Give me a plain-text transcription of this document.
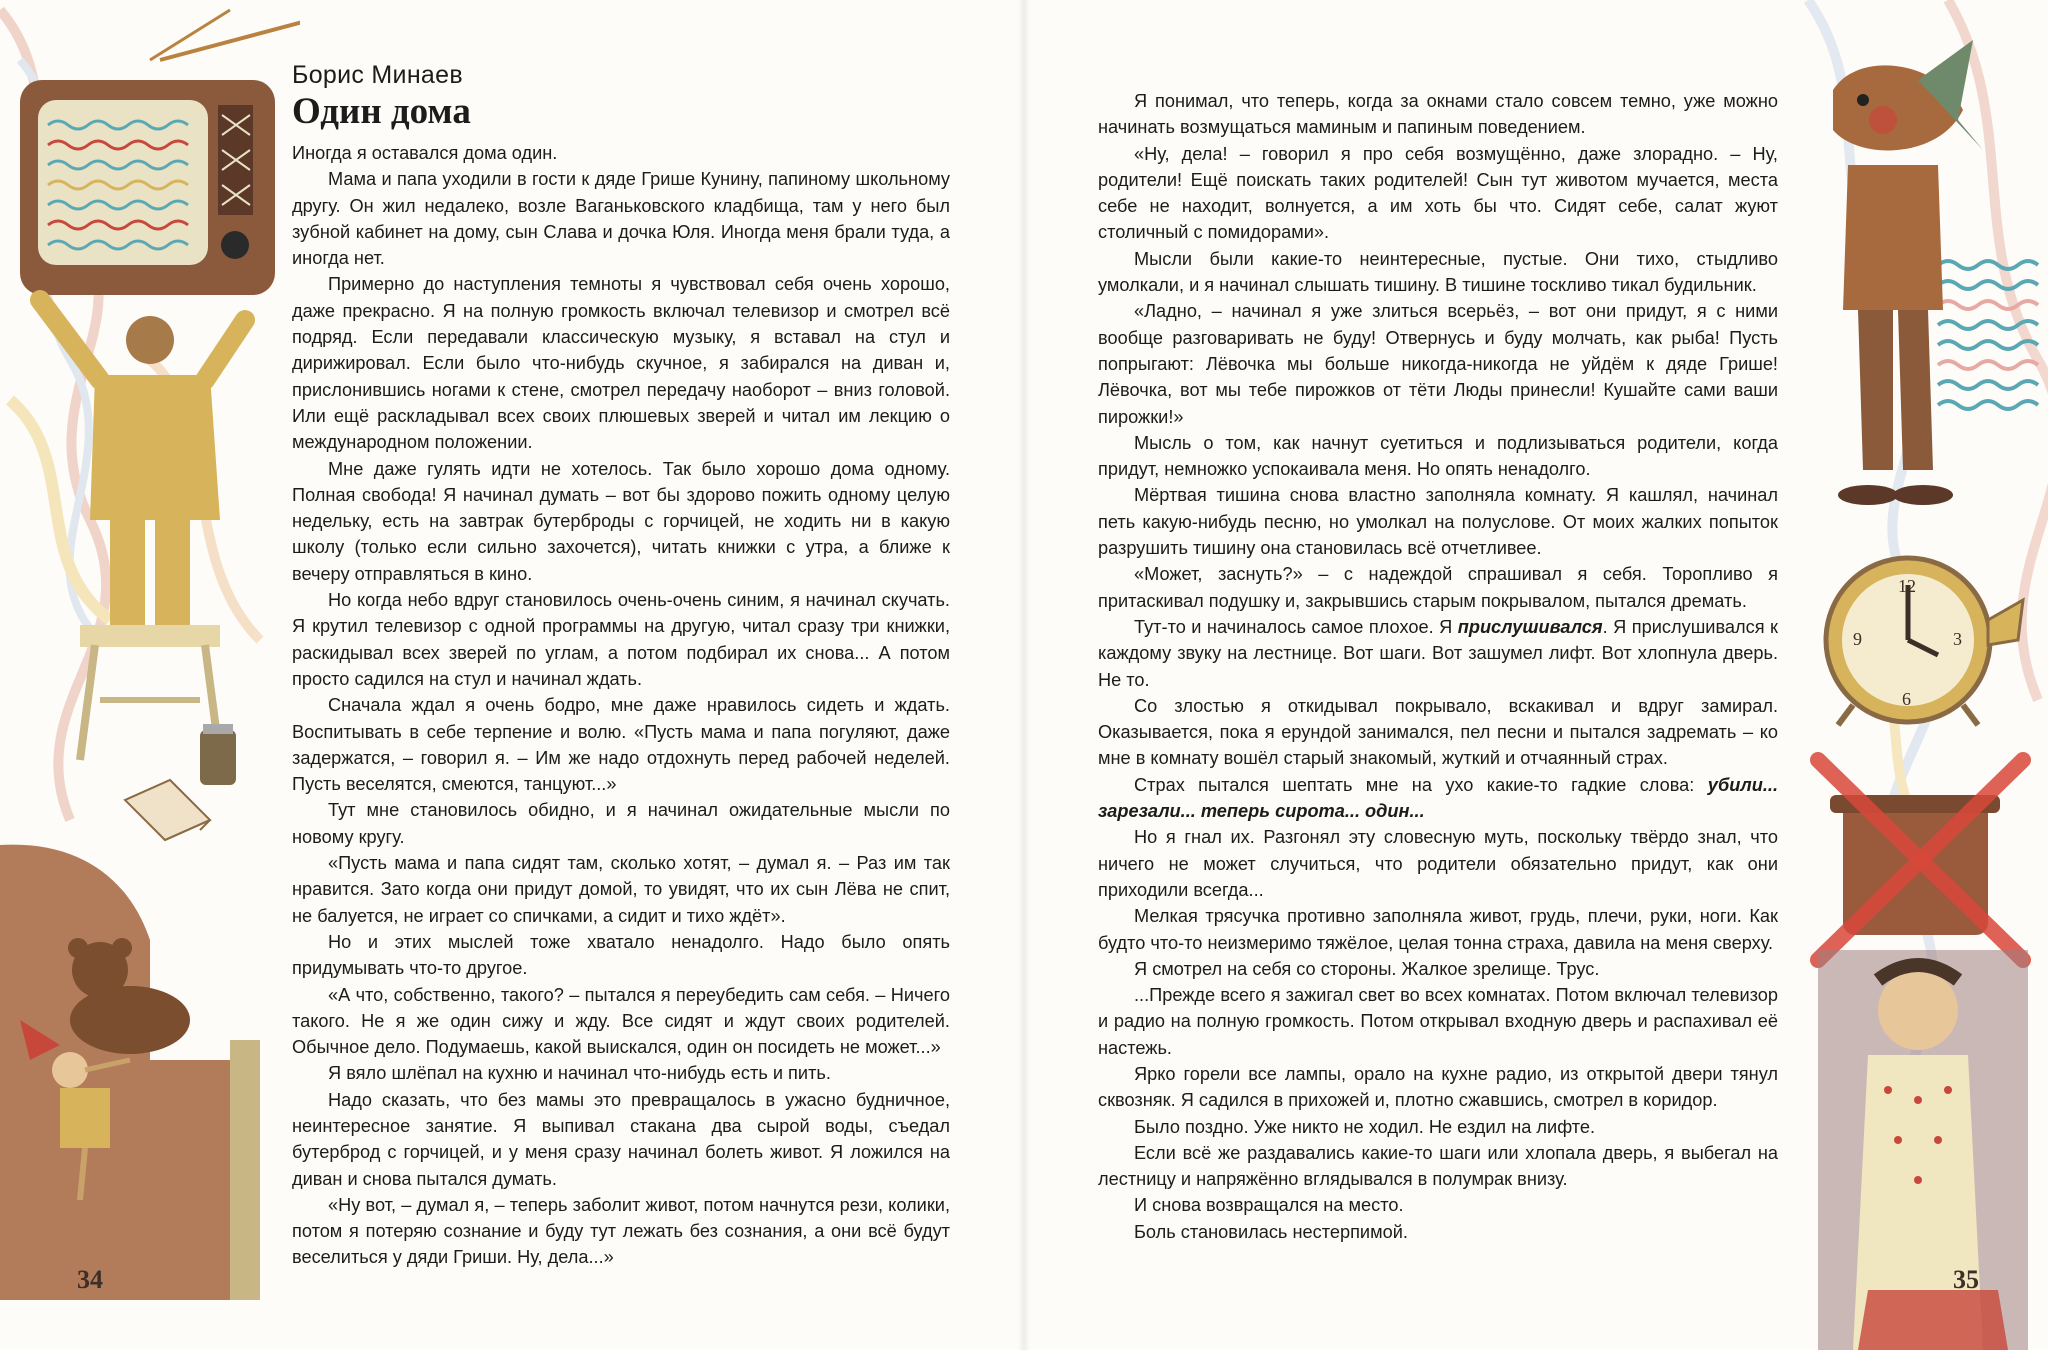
Борис Минаев
Один дома

Иногда я оставался дома один.

Мама и папа уходили в гости к дяде Грише Кунину, папиному школьному другу. Он жил недалеко, возле Ваганьковского кладбища, там у него был зубной кабинет на дому, сын Слава и дочка Юля. Иногда меня брали туда, а иногда нет.

Примерно до наступления темноты я чувствовал себя очень хорошо, даже прекрасно. Я на полную громкость включал телевизор и смотрел всё подряд. Если передавали классическую музыку, я вставал на стул и дирижировал. Если было что-нибудь скучное, я забирался на диван и, прислонившись ногами к стене, смотрел передачу наоборот – вниз головой. Или ещё раскладывал всех своих плюшевых зверей и читал им лекцию о международном положении.

Мне даже гулять идти не хотелось. Так было хорошо дома одному. Полная свобода! Я начинал думать – вот бы здорово пожить одному целую недельку, есть на завтрак бутерброды с горчицей, не ходить ни в какую школу (только если сильно захочется), читать книжки с утра, а ближе к вечеру отправляться в кино.

Но когда небо вдруг становилось очень-очень синим, я начинал скучать. Я крутил телевизор с одной программы на другую, читал сразу три книжки, раскидывал всех зверей по углам, а потом подбирал их снова... А потом просто садился на стул и начинал ждать.

Сначала ждал я очень бодро, мне даже нравилось сидеть и ждать. Воспитывать в себе терпение и волю. «Пусть мама и папа погуляют, даже задержатся, – говорил я. – Им же надо отдохнуть перед рабочей неделей. Пусть веселятся, смеются, танцуют...»

Тут мне становилось обидно, и я начинал ожидательные мысли по новому кругу.

«Пусть мама и папа сидят там, сколько хотят, – думал я. – Раз им так нравится. Зато когда они придут домой, то увидят, что их сын Лёва не спит, не балуется, не играет со спичками, а сидит и тихо ждёт».

Но и этих мыслей тоже хватало ненадолго. Надо было опять придумывать что-то другое.

«А что, собственно, такого? – пытался я переубедить сам себя. – Ничего такого. Не я же один сижу и жду. Все сидят и ждут своих родителей. Обычное дело. Подумаешь, какой выискался, один он посидеть не может...»

Я вяло шлёпал на кухню и начинал что-нибудь есть и пить.

Надо сказать, что без мамы это превращалось в ужасно будничное, неинтересное занятие. Я выпивал стакана два сырой воды, съедал бутерброд с горчицей, и у меня сразу начинал болеть живот. Я ложился на диван и снова пытался думать.

«Ну вот, – думал я, – теперь заболит живот, потом начнутся рези, колики, потом я потеряю сознание и буду тут лежать без сознания, а они всё будут веселиться у дяди Гриши. Ну, дела...»

34

Я понимал, что теперь, когда за окнами стало совсем темно, уже можно начинать возмущаться маминым и папиным поведением.

«Ну, дела! – говорил я про себя возмущённо, даже злорадно. – Ну, родители! Ещё поискать таких родителей! Сын тут животом мучается, места себе не находит, волнуется, а им хоть бы что. Сидят себе, салат жуют столичный с помидорами».

Мысли были какие-то неинтересные, пустые. Они тихо, стыдливо умолкали, и я начинал слышать тишину. В тишине тоскливо тикал будильник.

«Ладно, – начинал я уже злиться всерьёз, – вот они придут, я с ними вообще разговаривать не буду! Отвернусь и буду молчать, как рыба! Пусть попрыгают: Лёвочка мы больше никогда-никогда не уйдём к дяде Грише! Лёвочка, вот мы тебе пирожков от тёти Люды принесли! Кушайте сами ваши пирожки!»

Мысль о том, как начнут суетиться и подлизываться родители, когда придут, немножко успокаивала меня. Но опять ненадолго.

Мёртвая тишина снова властно заполняла комнату. Я кашлял, начинал петь какую-нибудь песню, но умолкал на полуслове. От моих жалких попыток разрушить тишину она становилась всё отчетливее.

«Может, заснуть?» – с надеждой спрашивал я себя. Торопливо я притаскивал подушку и, закрывшись старым покрывалом, пытался дремать.

Тут-то и начиналось самое плохое. Я прислушивался. Я прислушивался к каждому звуку на лестнице. Вот шаги. Вот зашумел лифт. Вот хлопнула дверь. Не то.

Со злостью я откидывал покрывало, вскакивал и вдруг замирал. Оказывается, пока я ерундой занимался, пел песни и пытался задремать – ко мне в комнату вошёл старый знакомый, жуткий и отчаянный страх.

Страх пытался шептать мне на ухо какие-то гадкие слова: убили... зарезали... теперь сирота... один...

Но я гнал их. Разгонял эту словесную муть, поскольку твёрдо знал, что ничего не может случиться, что родители обязательно придут, как они приходили всегда...

Мелкая трясучка противно заполняла живот, грудь, плечи, руки, ноги. Как будто что-то неизмеримо тяжёлое, целая тонна страха, давила на меня сверху.

Я смотрел на себя со стороны. Жалкое зрелище. Трус.

...Прежде всего я зажигал свет во всех комнатах. Потом включал телевизор и радио на полную громкость. Потом открывал входную дверь и распахивал её настежь.

Ярко горели все лампы, орало на кухне радио, из открытой двери тянул сквозняк. Я садился в прихожей и, плотно сжавшись, смотрел в коридор.

Было поздно. Уже никто не ходил. Не ездил на лифте.

Если всё же раздавались какие-то шаги или хлопала дверь, я выбегал на лестницу и напряжённо вглядывался в полумрак внизу.

И снова возвращался на место.

Боль становилась нестерпимой.

12
3
6
9
35
